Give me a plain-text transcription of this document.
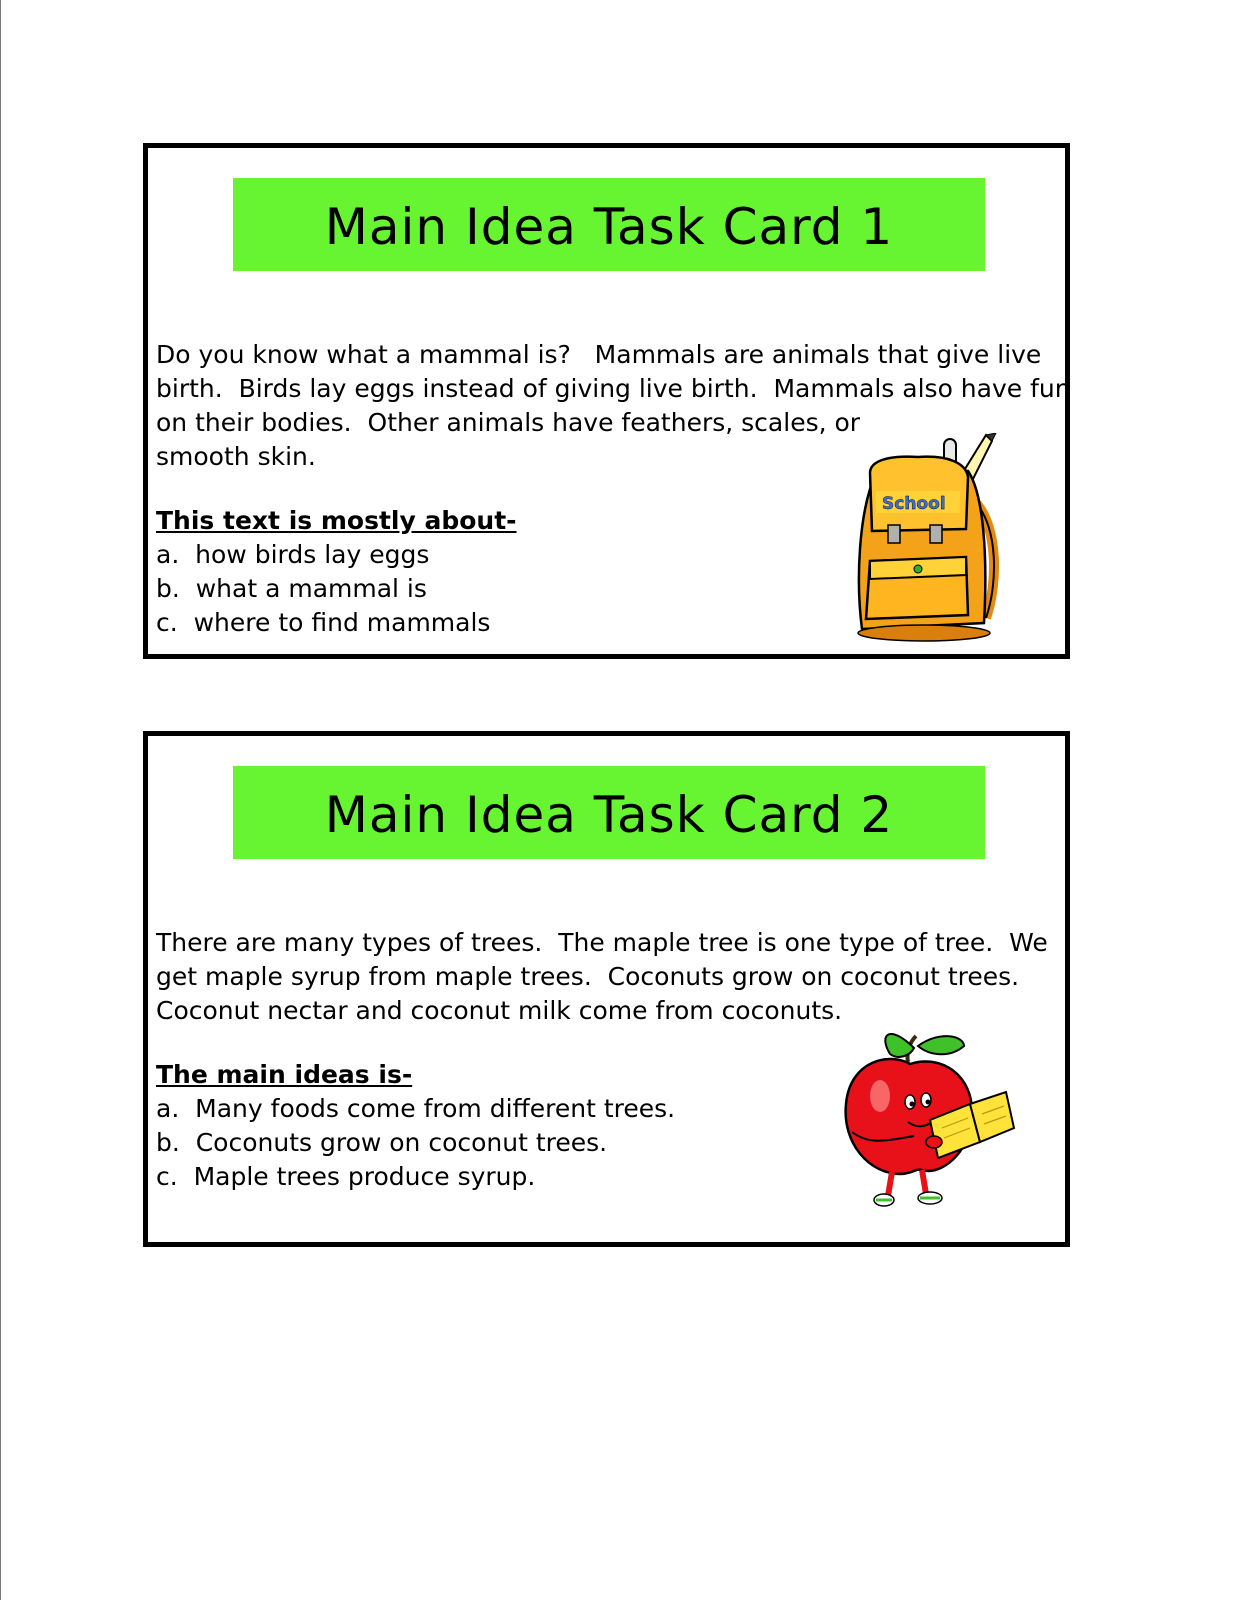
Main Idea Task Card 1
Do you know what a mammal is?   Mammals are animals that give live
birth.  Birds lay eggs instead of giving live birth.  Mammals also have fur
on their bodies.  Other animals have feathers, scales, or
smooth skin.
This text is mostly about-
a.  how birds lay eggs
b.  what a mammal is
c.  where to find mammals
School
Main Idea Task Card 2
There are many types of trees.  The maple tree is one type of tree.  We
get maple syrup from maple trees.  Coconuts grow on coconut trees.
Coconut nectar and coconut milk come from coconuts.
The main ideas is-
a.  Many foods come from different trees.
b.  Coconuts grow on coconut trees.
c.  Maple trees produce syrup.
